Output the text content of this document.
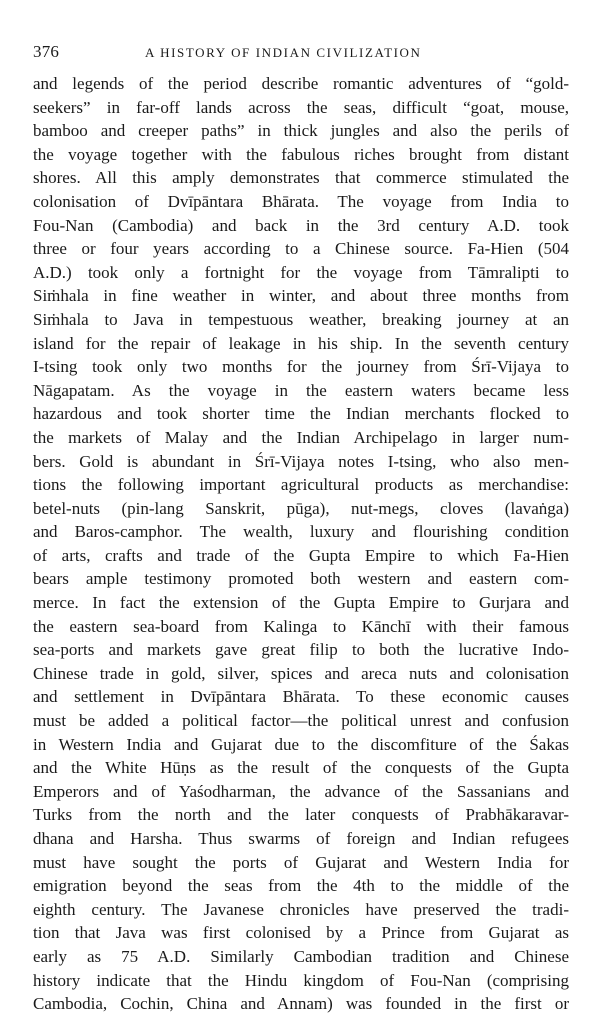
376	A HISTORY OF INDIAN CIVILIZATION
and legends of the period describe romantic adventures of “gold-
seekers” in far-off lands across the seas, difficult “goat, mouse,
bamboo and creeper paths” in thick jungles and also the perils of
the voyage together with the fabulous riches brought from distant
shores. All this amply demonstrates that commerce stimulated the
colonisation of Dvīpāntara Bhārata. The voyage from India to
Fou-Nan (Cambodia) and back in the 3rd century A.D. took
three or four years according to a Chinese source. Fa-Hien (504
A.D.) took only a fortnight for the voyage from Tāmralipti to
Siṁhala in fine weather in winter, and about three months from
Siṁhala to Java in tempestuous weather, breaking journey at an
island for the repair of leakage in his ship. In the seventh century
I-tsing took only two months for the journey from Śrī-Vijaya to
Nāgapatam. As the voyage in the eastern waters became less
hazardous and took shorter time the Indian merchants flocked to
the markets of Malay and the Indian Archipelago in larger num-
bers. Gold is abundant in Śrī-Vijaya notes I-tsing, who also men-
tions the following important agricultural products as merchandise:
betel-nuts (pin-lang Sanskrit, pūga), nut-megs, cloves (lavaṅga)
and Baros-camphor. The wealth, luxury and flourishing condition
of arts, crafts and trade of the Gupta Empire to which Fa-Hien
bears ample testimony promoted both western and eastern com-
merce. In fact the extension of the Gupta Empire to Gurjara and
the eastern sea-board from Kalinga to Kānchī with their famous
sea-ports and markets gave great filip to both the lucrative Indo-
Chinese trade in gold, silver, spices and areca nuts and colonisation
and settlement in Dvīpāntara Bhārata. To these economic causes
must be added a political factor—the political unrest and confusion
in Western India and Gujarat due to the discomfiture of the Śakas
and the White Hūṇs as the result of the conquests of the Gupta
Emperors and of Yaśodharman, the advance of the Sassanians and
Turks from the north and the later conquests of Prabhākaravar-
dhana and Harsha. Thus swarms of foreign and Indian refugees
must have sought the ports of Gujarat and Western India for
emigration beyond the seas from the 4th to the middle of the
eighth century. The Javanese chronicles have preserved the tradi-
tion that Java was first colonised by a Prince from Gujarat as
early as 75 A.D. Similarly Cambodian tradition and Chinese
history indicate that the Hindu kingdom of Fou-Nan (comprising
Cambodia, Cochin, China and Annam) was founded in the first or
